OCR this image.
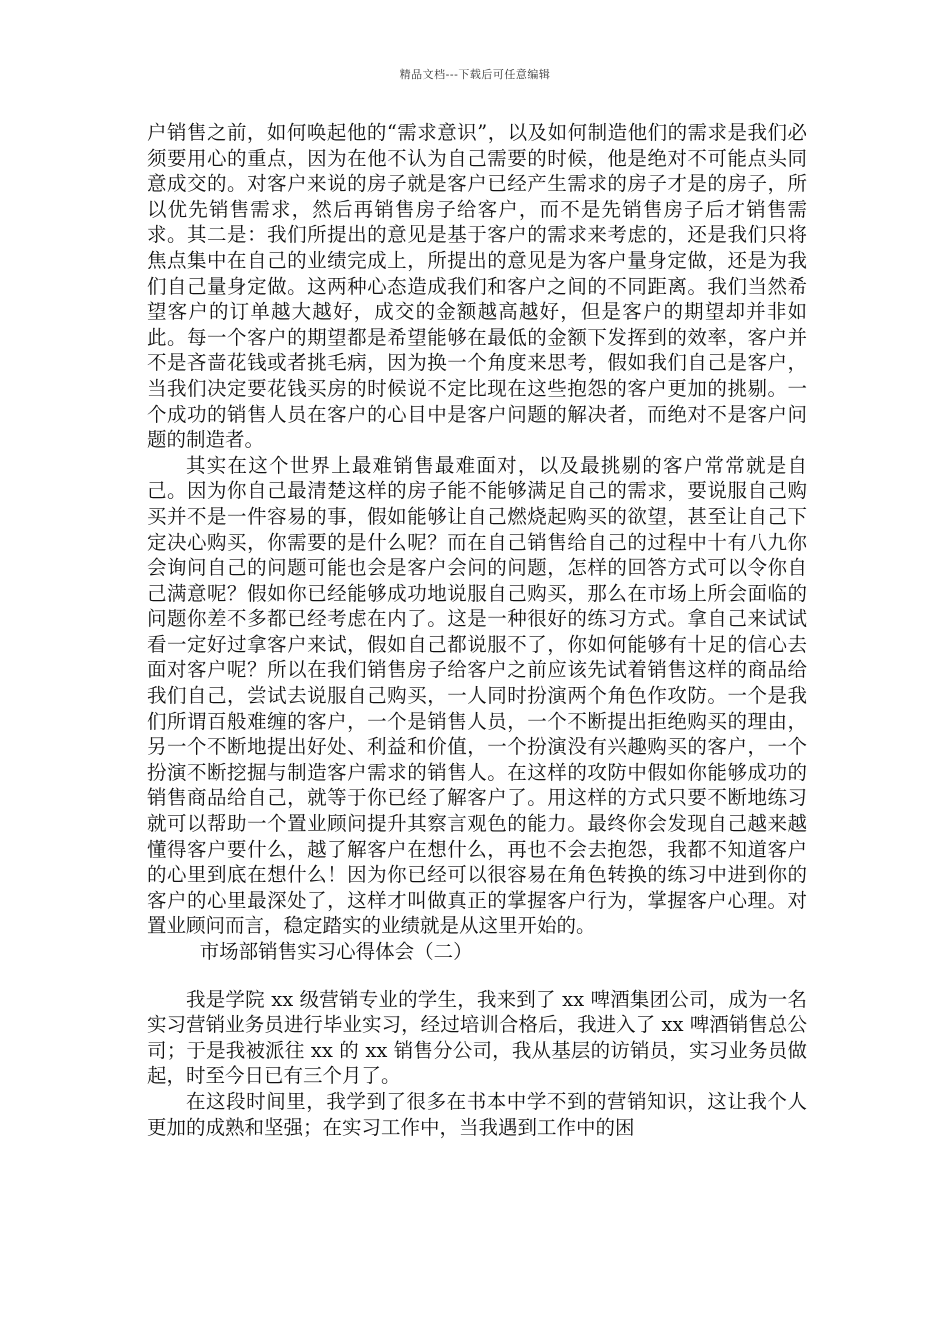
精品文档---下载后可任意编辑

户销售之前，如何唤起他的“需求意识”，以及如何制造他们的需求是我们必须要用心的重点，因为在他不认为自己需要的时候，他是绝对不可能点头同意成交的。对客户来说的房子就是客户已经产生需求的房子才是的房子，所以优先销售需求，然后再销售房子给客户，而不是先销售房子后才销售需求。其二是：我们所提出的意见是基于客户的需求来考虑的，还是我们只将焦点集中在自己的业绩完成上，所提出的意见是为客户量身定做，还是为我们自己量身定做。这两种心态造成我们和客户之间的不同距离。我们当然希望客户的订单越大越好，成交的金额越高越好，但是客户的期望却并非如此。每一个客户的期望都是希望能够在最低的金额下发挥到的效率，客户并不是吝啬花钱或者挑毛病，因为换一个角度来思考，假如我们自己是客户，当我们决定要花钱买房的时候说不定比现在这些抱怨的客户更加的挑剔。一个成功的销售人员在客户的心目中是客户问题的解决者，而绝对不是客户问题的制造者。

其实在这个世界上最难销售最难面对，以及最挑剔的客户常常就是自己。因为你自己最清楚这样的房子能不能够满足自己的需求，要说服自己购买并不是一件容易的事，假如能够让自己燃烧起购买的欲望，甚至让自己下定决心购买，你需要的是什么呢？而在自己销售给自己的过程中十有八九你会询问自己的问题可能也会是客户会问的问题，怎样的回答方式可以令你自己满意呢？假如你已经能够成功地说服自己购买，那么在市场上所会面临的问题你差不多都已经考虑在内了。这是一种很好的练习方式。拿自己来试试看一定好过拿客户来试，假如自己都说服不了，你如何能够有十足的信心去面对客户呢？所以在我们销售房子给客户之前应该先试着销售这样的商品给我们自己，尝试去说服自己购买，一人同时扮演两个角色作攻防。一个是我们所谓百般难缠的客户，一个是销售人员，一个不断提出拒绝购买的理由，另一个不断地提出好处、利益和价值，一个扮演没有兴趣购买的客户，一个扮演不断挖掘与制造客户需求的销售人。在这样的攻防中假如你能够成功的销售商品给自己，就等于你已经了解客户了。用这样的方式只要不断地练习就可以帮助一个置业顾问提升其察言观色的能力。最终你会发现自己越来越懂得客户要什么，越了解客户在想什么，再也不会去抱怨，我都不知道客户的心里到底在想什么！因为你已经可以很容易在角色转换的练习中进到你的客户的心里最深处了，这样才叫做真正的掌握客户行为，掌握客户心理。对置业顾问而言，稳定踏实的业绩就是从这里开始的。

市场部销售实习心得体会（二）

我是学院 xx 级营销专业的学生，我来到了 xx 啤酒集团公司，成为一名实习营销业务员进行毕业实习，经过培训合格后，我进入了 xx 啤酒销售总公司；于是我被派往 xx 的 xx 销售分公司，我从基层的访销员，实习业务员做起，时至今日已有三个月了。

在这段时间里，我学到了很多在书本中学不到的营销知识，这让我个人更加的成熟和坚强；在实习工作中，当我遇到工作中的困
